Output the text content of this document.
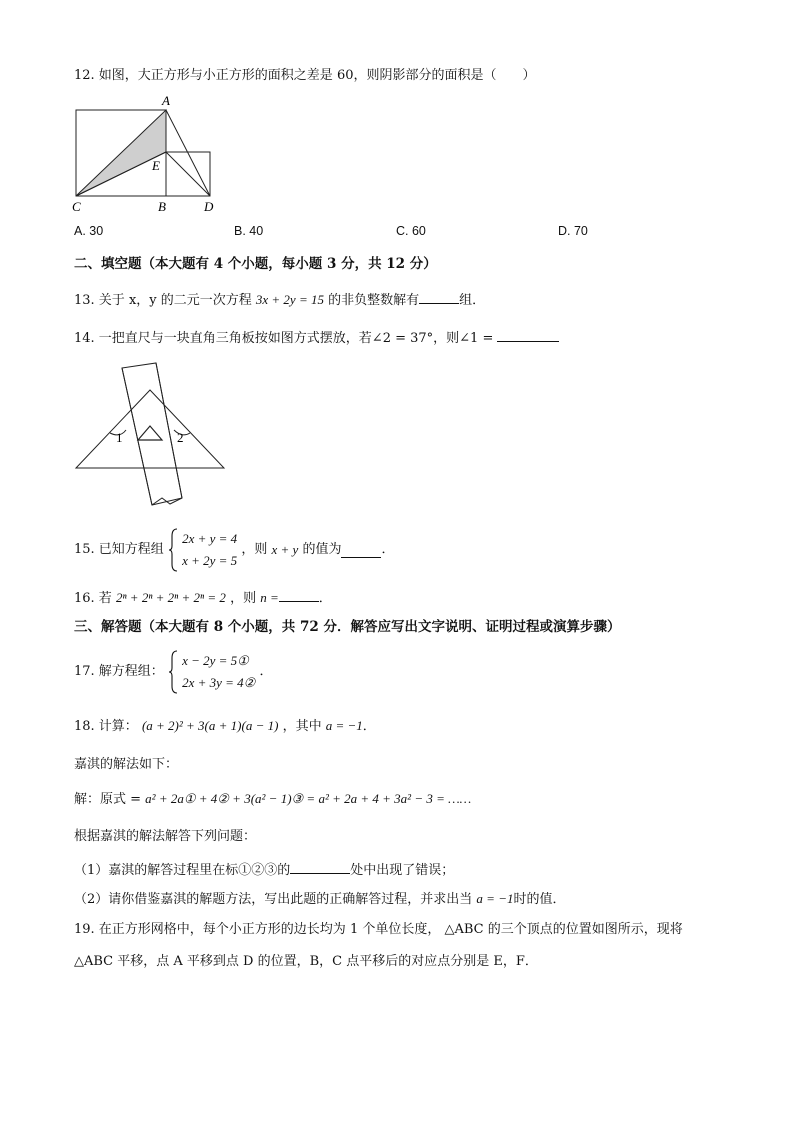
12. 如图，大正方形与小正方形的面积之差是 60，则阴影部分的面积是（　　）
A
E
C	B	D
A. 30	B. 40	C. 60	D. 70
二、填空题（本大题有 4 个小题，每小题 3 分，共 12 分）
13. 关于 x，y 的二元一次方程 3x + 2y = 15 的非负整数解有	组．
14. 一把直尺与一块直角三角板按如图方式摆放，若∠2 = 37°，则∠1 =
1	2
15. 已知方程组  2x + y = 4
x + 2y = 5 ，则 x + y 的值为	．
16. 若 2ⁿ + 2ⁿ + 2ⁿ + 2ⁿ = 2 ，则 n =	．
三、解答题（本大题有 8 个小题，共 72 分．解答应写出文字说明、证明过程或演算步骤）
17. 解方程组：  x − 2y = 5①
2x + 3y = 4② ．
18. 计算： (a + 2)² + 3(a + 1)(a − 1) ，其中 a = −1．
嘉淇的解法如下：
解：原式 = a² + 2a① + 4② + 3(a² − 1)③ = a² + 2a + 4 + 3a² − 3 = ……
根据嘉淇的解法解答下列问题：
（1）嘉淇的解答过程里在标①②③的	处中出现了错误；
（2）请你借鉴嘉淇的解题方法，写出此题的正确解答过程，并求出当 a = −1时的值．
19. 在正方形网格中，每个小正方形的边长均为 1 个单位长度， △ABC 的三个顶点的位置如图所示，现将
△ABC 平移，点 A 平移到点 D 的位置，B，C 点平移后的对应点分别是 E，F．
